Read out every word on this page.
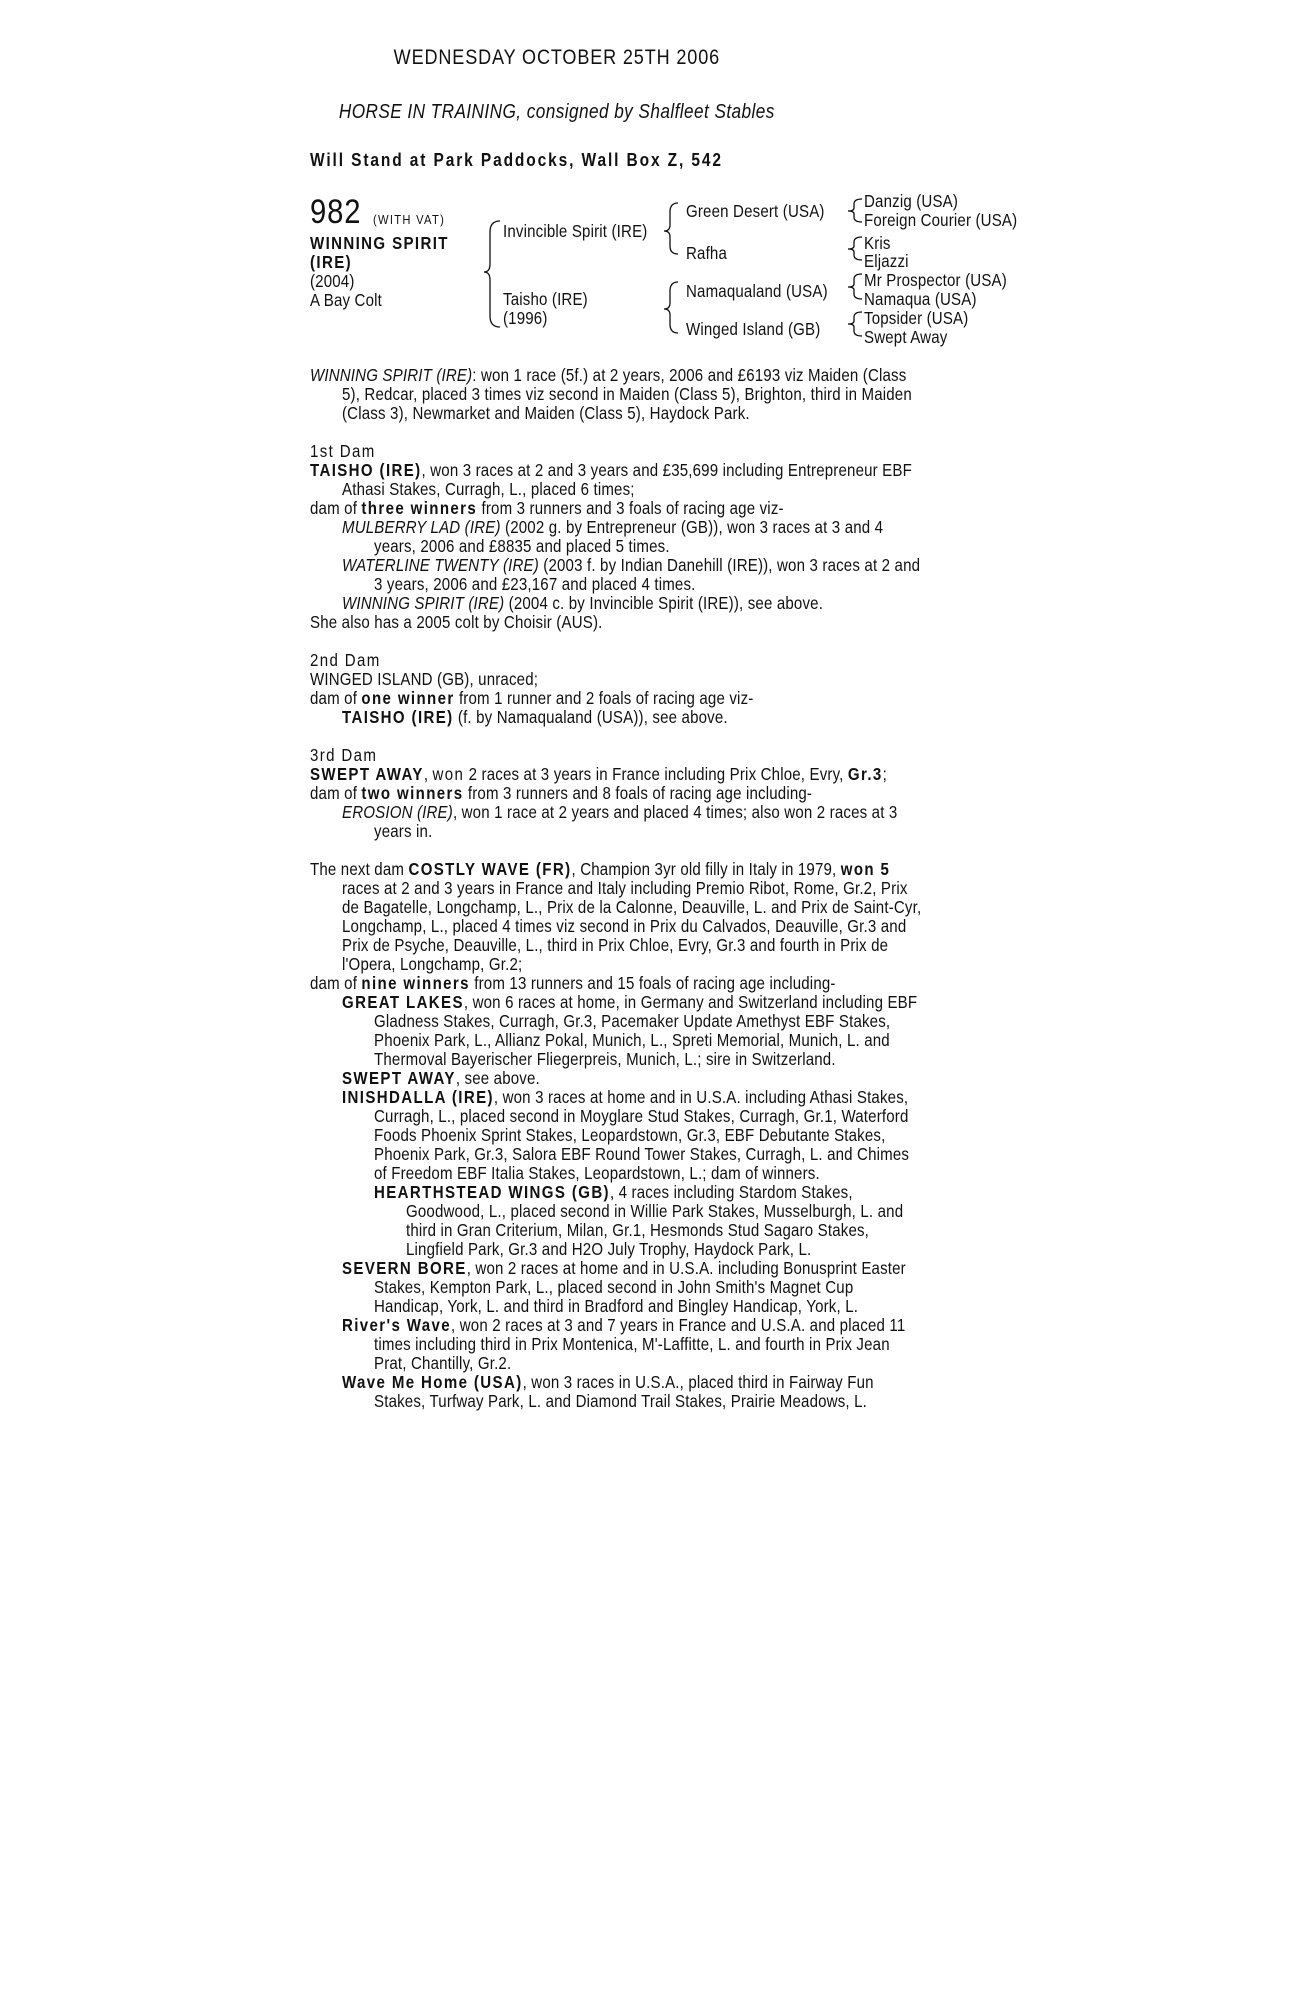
WEDNESDAY OCTOBER 25TH 2006
HORSE IN TRAINING, consigned by Shalfleet Stables
Will Stand at Park Paddocks, Wall Box Z, 542
982 (WITH VAT)
WINNING SPIRIT
(IRE)
(2004)
A Bay Colt
Invincible Spirit (IRE)
Taisho (IRE)
(1996)
Green Desert (USA)
Rafha
Namaqualand (USA)
Winged Island (GB)
Danzig (USA)
Foreign Courier (USA)
Kris
Eljazzi
Mr Prospector (USA)
Namaqua (USA)
Topsider (USA)
Swept Away
WINNING SPIRIT (IRE): won 1 race (5f.) at 2 years, 2006 and £6193 viz Maiden (Class
5), Redcar, placed 3 times viz second in Maiden (Class 5), Brighton, third in Maiden
(Class 3), Newmarket and Maiden (Class 5), Haydock Park.
1st Dam
TAISHO (IRE), won 3 races at 2 and 3 years and £35,699 including Entrepreneur EBF
Athasi Stakes, Curragh, L., placed 6 times;
dam of three winners from 3 runners and 3 foals of racing age viz-
MULBERRY LAD (IRE) (2002 g. by Entrepreneur (GB)), won 3 races at 3 and 4
years, 2006 and £8835 and placed 5 times.
WATERLINE TWENTY (IRE) (2003 f. by Indian Danehill (IRE)), won 3 races at 2 and
3 years, 2006 and £23,167 and placed 4 times.
WINNING SPIRIT (IRE) (2004 c. by Invincible Spirit (IRE)), see above.
She also has a 2005 colt by Choisir (AUS).
2nd Dam
WINGED ISLAND (GB), unraced;
dam of one winner from 1 runner and 2 foals of racing age viz-
TAISHO (IRE) (f. by Namaqualand (USA)), see above.
3rd Dam
SWEPT AWAY, won 2 races at 3 years in France including Prix Chloe, Evry, Gr.3;
dam of two winners from 3 runners and 8 foals of racing age including-
EROSION (IRE), won 1 race at 2 years and placed 4 times; also won 2 races at 3
years in.
The next dam COSTLY WAVE (FR), Champion 3yr old filly in Italy in 1979, won 5
races at 2 and 3 years in France and Italy including Premio Ribot, Rome, Gr.2, Prix
de Bagatelle, Longchamp, L., Prix de la Calonne, Deauville, L. and Prix de Saint-Cyr,
Longchamp, L., placed 4 times viz second in Prix du Calvados, Deauville, Gr.3 and
Prix de Psyche, Deauville, L., third in Prix Chloe, Evry, Gr.3 and fourth in Prix de
l'Opera, Longchamp, Gr.2;
dam of nine winners from 13 runners and 15 foals of racing age including-
GREAT LAKES, won 6 races at home, in Germany and Switzerland including EBF
Gladness Stakes, Curragh, Gr.3, Pacemaker Update Amethyst EBF Stakes,
Phoenix Park, L., Allianz Pokal, Munich, L., Spreti Memorial, Munich, L. and
Thermoval Bayerischer Fliegerpreis, Munich, L.; sire in Switzerland.
SWEPT AWAY, see above.
INISHDALLA (IRE), won 3 races at home and in U.S.A. including Athasi Stakes,
Curragh, L., placed second in Moyglare Stud Stakes, Curragh, Gr.1, Waterford
Foods Phoenix Sprint Stakes, Leopardstown, Gr.3, EBF Debutante Stakes,
Phoenix Park, Gr.3, Salora EBF Round Tower Stakes, Curragh, L. and Chimes
of Freedom EBF Italia Stakes, Leopardstown, L.; dam of winners.
HEARTHSTEAD WINGS (GB), 4 races including Stardom Stakes,
Goodwood, L., placed second in Willie Park Stakes, Musselburgh, L. and
third in Gran Criterium, Milan, Gr.1, Hesmonds Stud Sagaro Stakes,
Lingfield Park, Gr.3 and H2O July Trophy, Haydock Park, L.
SEVERN BORE, won 2 races at home and in U.S.A. including Bonusprint Easter
Stakes, Kempton Park, L., placed second in John Smith's Magnet Cup
Handicap, York, L. and third in Bradford and Bingley Handicap, York, L.
River's Wave, won 2 races at 3 and 7 years in France and U.S.A. and placed 11
times including third in Prix Montenica, M'-Laffitte, L. and fourth in Prix Jean
Prat, Chantilly, Gr.2.
Wave Me Home (USA), won 3 races in U.S.A., placed third in Fairway Fun
Stakes, Turfway Park, L. and Diamond Trail Stakes, Prairie Meadows, L.
